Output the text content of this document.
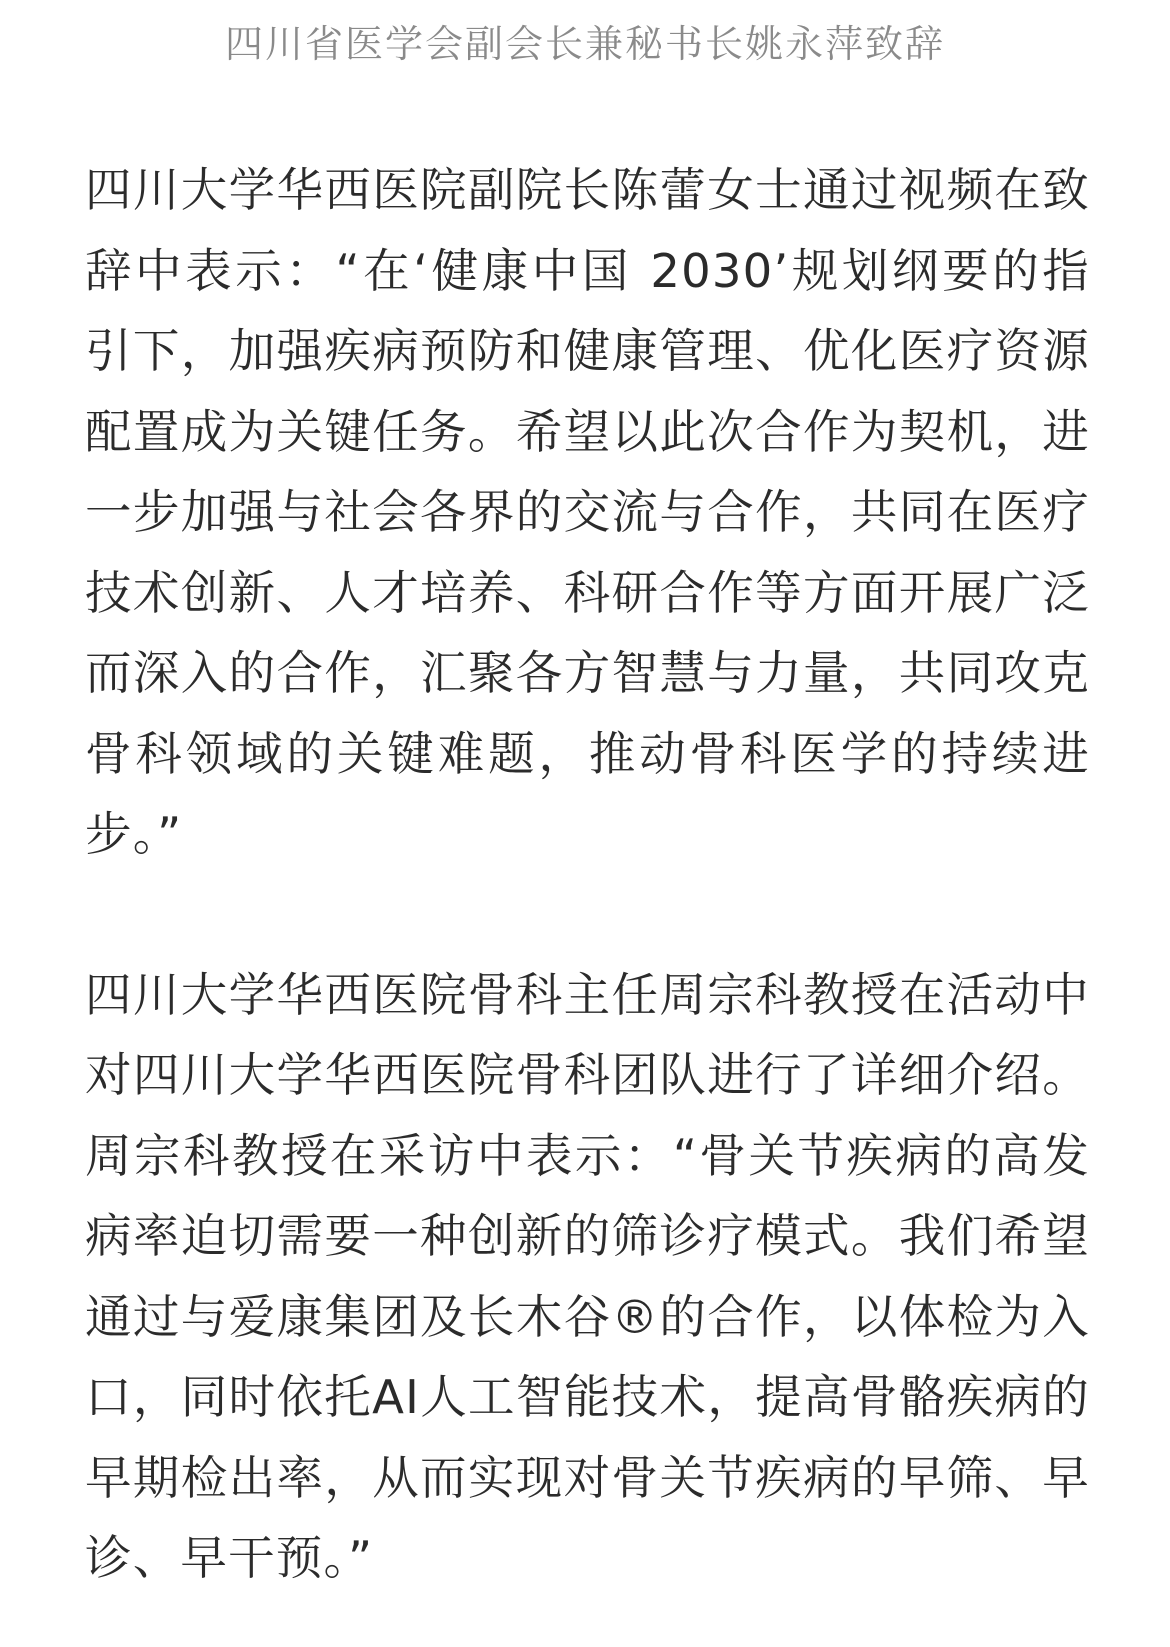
四川省医学会副会长兼秘书长姚永萍致辞

四川大学华西医院副院长陈蕾女士通过视频在致辞中表示：“在‘健康中国 2030’规划纲要的指引下，加强疾病预防和健康管理、优化医疗资源配置成为关键任务。希望以此次合作为契机，进一步加强与社会各界的交流与合作，共同在医疗技术创新、人才培养、科研合作等方面开展广泛而深入的合作，汇聚各方智慧与力量，共同攻克骨科领域的关键难题，推动骨科医学的持续进步。”

四川大学华西医院骨科主任周宗科教授在活动中对四川大学华西医院骨科团队进行了详细介绍。周宗科教授在采访中表示：“骨关节疾病的高发病率迫切需要一种创新的筛诊疗模式。我们希望通过与爱康集团及长木谷®的合作，以体检为入口，同时依托AI人工智能技术，提高骨骼疾病的早期检出率，从而实现对骨关节疾病的早筛、早诊、早干预。”
